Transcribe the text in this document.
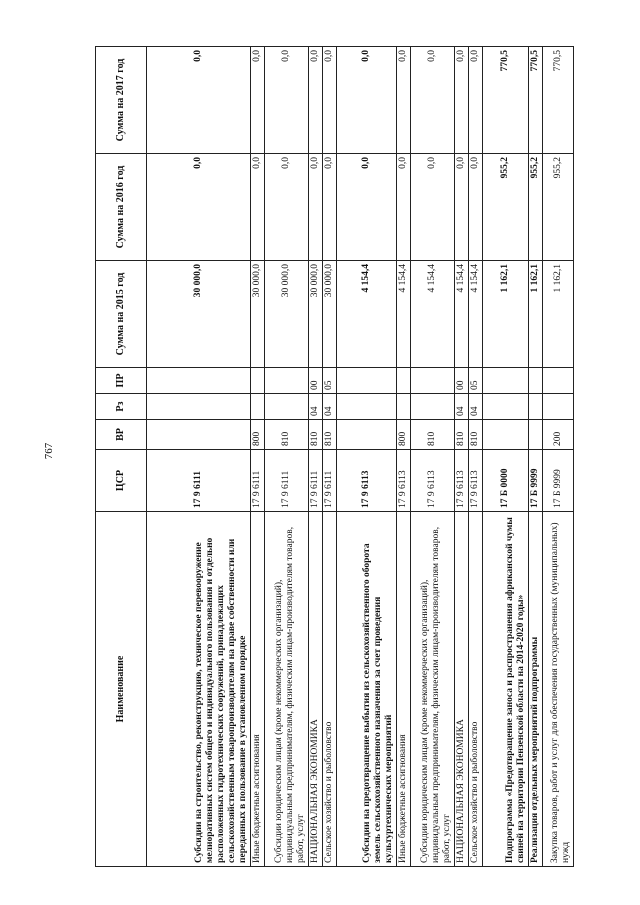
767
Наименование	ЦСР	ВР	Рз	ПР	Сумма на 2015 год	Сумма на 2016 год	Сумма на 2017 год
Субсидии на строительство, реконструкцию, техническое перевооружение мелиоративных систем общего и индивидуального пользования и отдельно расположенных гидротехнических сооружений, принадлежащих сельскохозяйственным товаропроизводителям на праве собственности или переданных в пользование в установленном порядке	17 9 6111				30 000,0	0,0	0,0
Иные бюджетные ассигнования	17 9 6111	800			30 000,0	0,0	0,0
Субсидии юридическим лицам (кроме некоммерческих организаций), индивидуальным предпринимателям, физическим лицам-производителям товаров, работ, услуг	17 9 6111	810			30 000,0	0,0	0,0
НАЦИОНАЛЬНАЯ ЭКОНОМИКА	17 9 6111	810	04	00	30 000,0	0,0	0,0
Сельское хозяйство и рыболовство	17 9 6111	810	04	05	30 000,0	0,0	0,0
Субсидии на предотвращение выбытия из сельскохозяйственного оборота земель сельскохозяйственного назначения за счет проведения культуртехнических мероприятий	17 9 6113				4 154,4	0,0	0,0
Иные бюджетные ассигнования	17 9 6113	800			4 154,4	0,0	0,0
Субсидии юридическим лицам (кроме некоммерческих организаций), индивидуальным предпринимателям, физическим лицам-производителям товаров, работ, услуг	17 9 6113	810			4 154,4	0,0	0,0
НАЦИОНАЛЬНАЯ ЭКОНОМИКА	17 9 6113	810	04	00	4 154,4	0,0	0,0
Сельское хозяйство и рыболовство	17 9 6113	810	04	05	4 154,4	0,0	0,0
Подпрограмма «Предотвращение заноса и распространения африканской чумы свиней на территории Пензенской области на 2014-2020 годы»	17 Б 0000				1 162,1	955,2	770,5
Реализация отдельных мероприятий подпрограммы	17 Б 9999				1 162,1	955,2	770,5
Закупка товаров, работ и услуг для обеспечения государственных (муниципальных) нужд	17 Б 9999	200			1 162,1	955,2	770,5
